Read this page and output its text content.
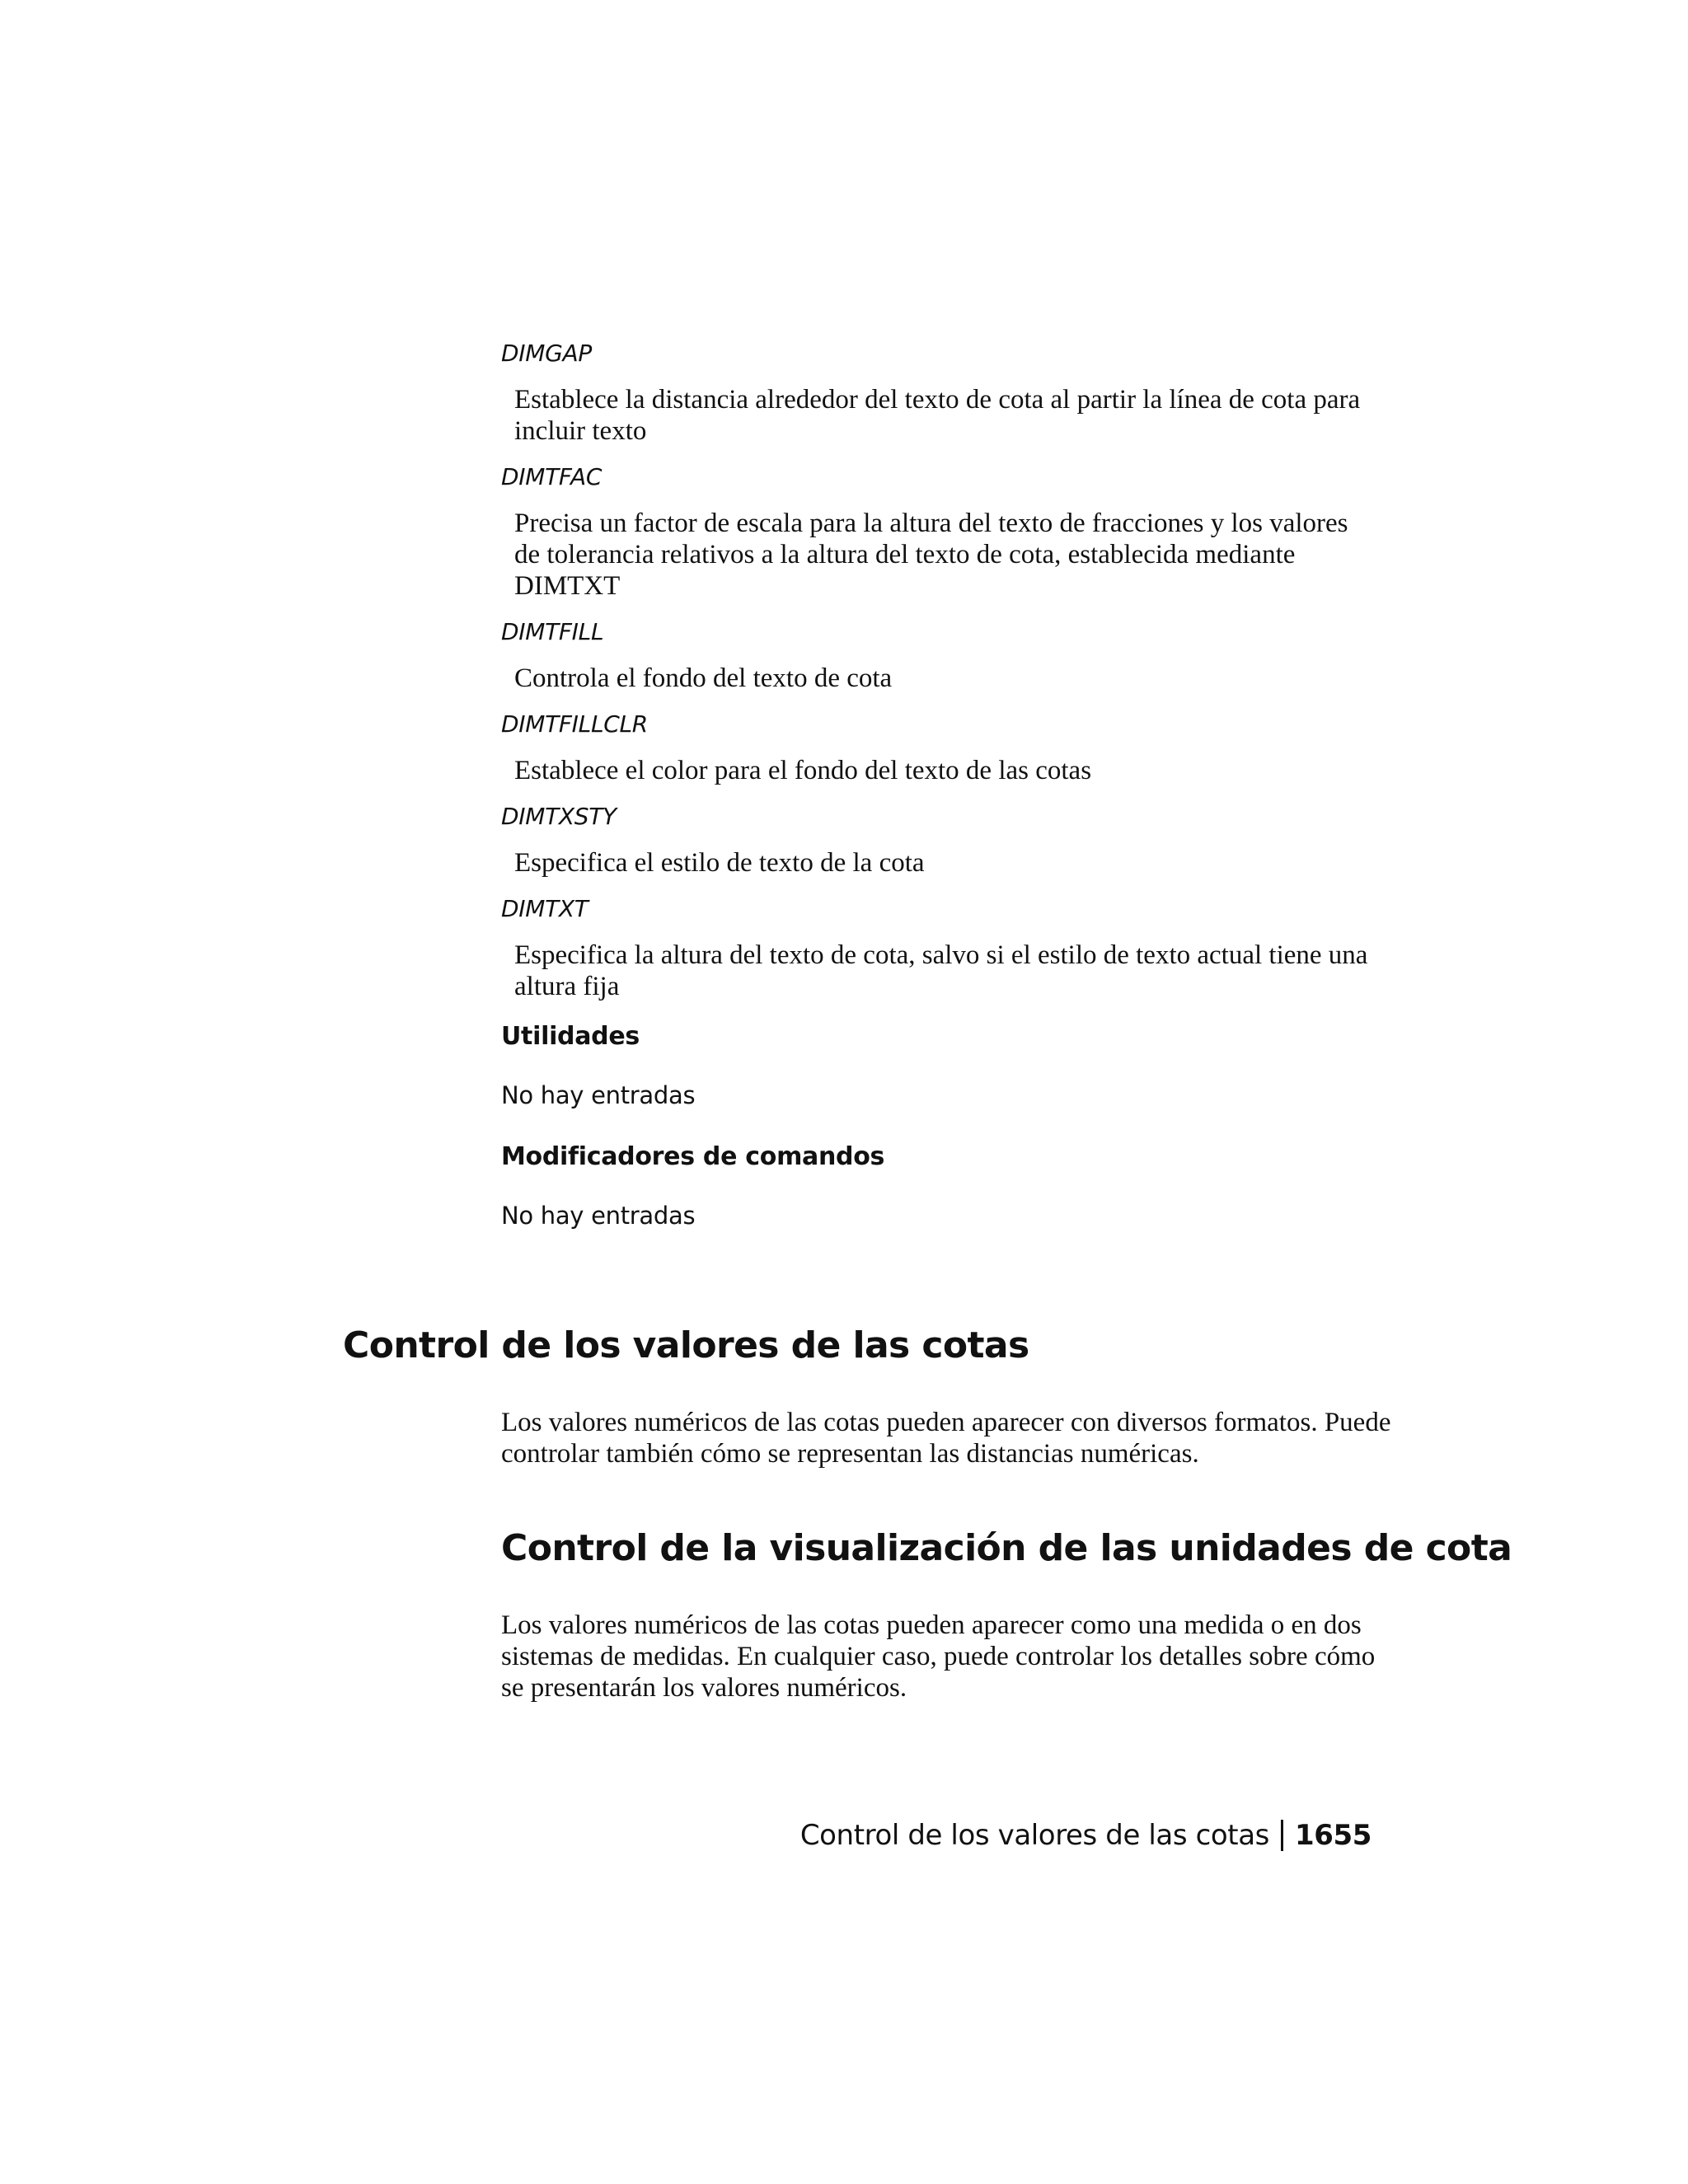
DIMGAP

Establece la distancia alrededor del texto de cota al partir la línea de cota para incluir texto

DIMTFAC

Precisa un factor de escala para la altura del texto de fracciones y los valores de tolerancia relativos a la altura del texto de cota, establecida mediante DIMTXT

DIMTFILL

Controla el fondo del texto de cota

DIMTFILLCLR

Establece el color para el fondo del texto de las cotas

DIMTXSTY

Especifica el estilo de texto de la cota

DIMTXT

Especifica la altura del texto de cota, salvo si el estilo de texto actual tiene una altura fija

Utilidades

No hay entradas

Modificadores de comandos

No hay entradas

Control de los valores de las cotas

Los valores numéricos de las cotas pueden aparecer con diversos formatos. Puede controlar también cómo se representan las distancias numéricas.

Control de la visualización de las unidades de cota

Los valores numéricos de las cotas pueden aparecer como una medida o en dos sistemas de medidas. En cualquier caso, puede controlar los detalles sobre cómo se presentarán los valores numéricos.

Control de los valores de las cotas 1655
